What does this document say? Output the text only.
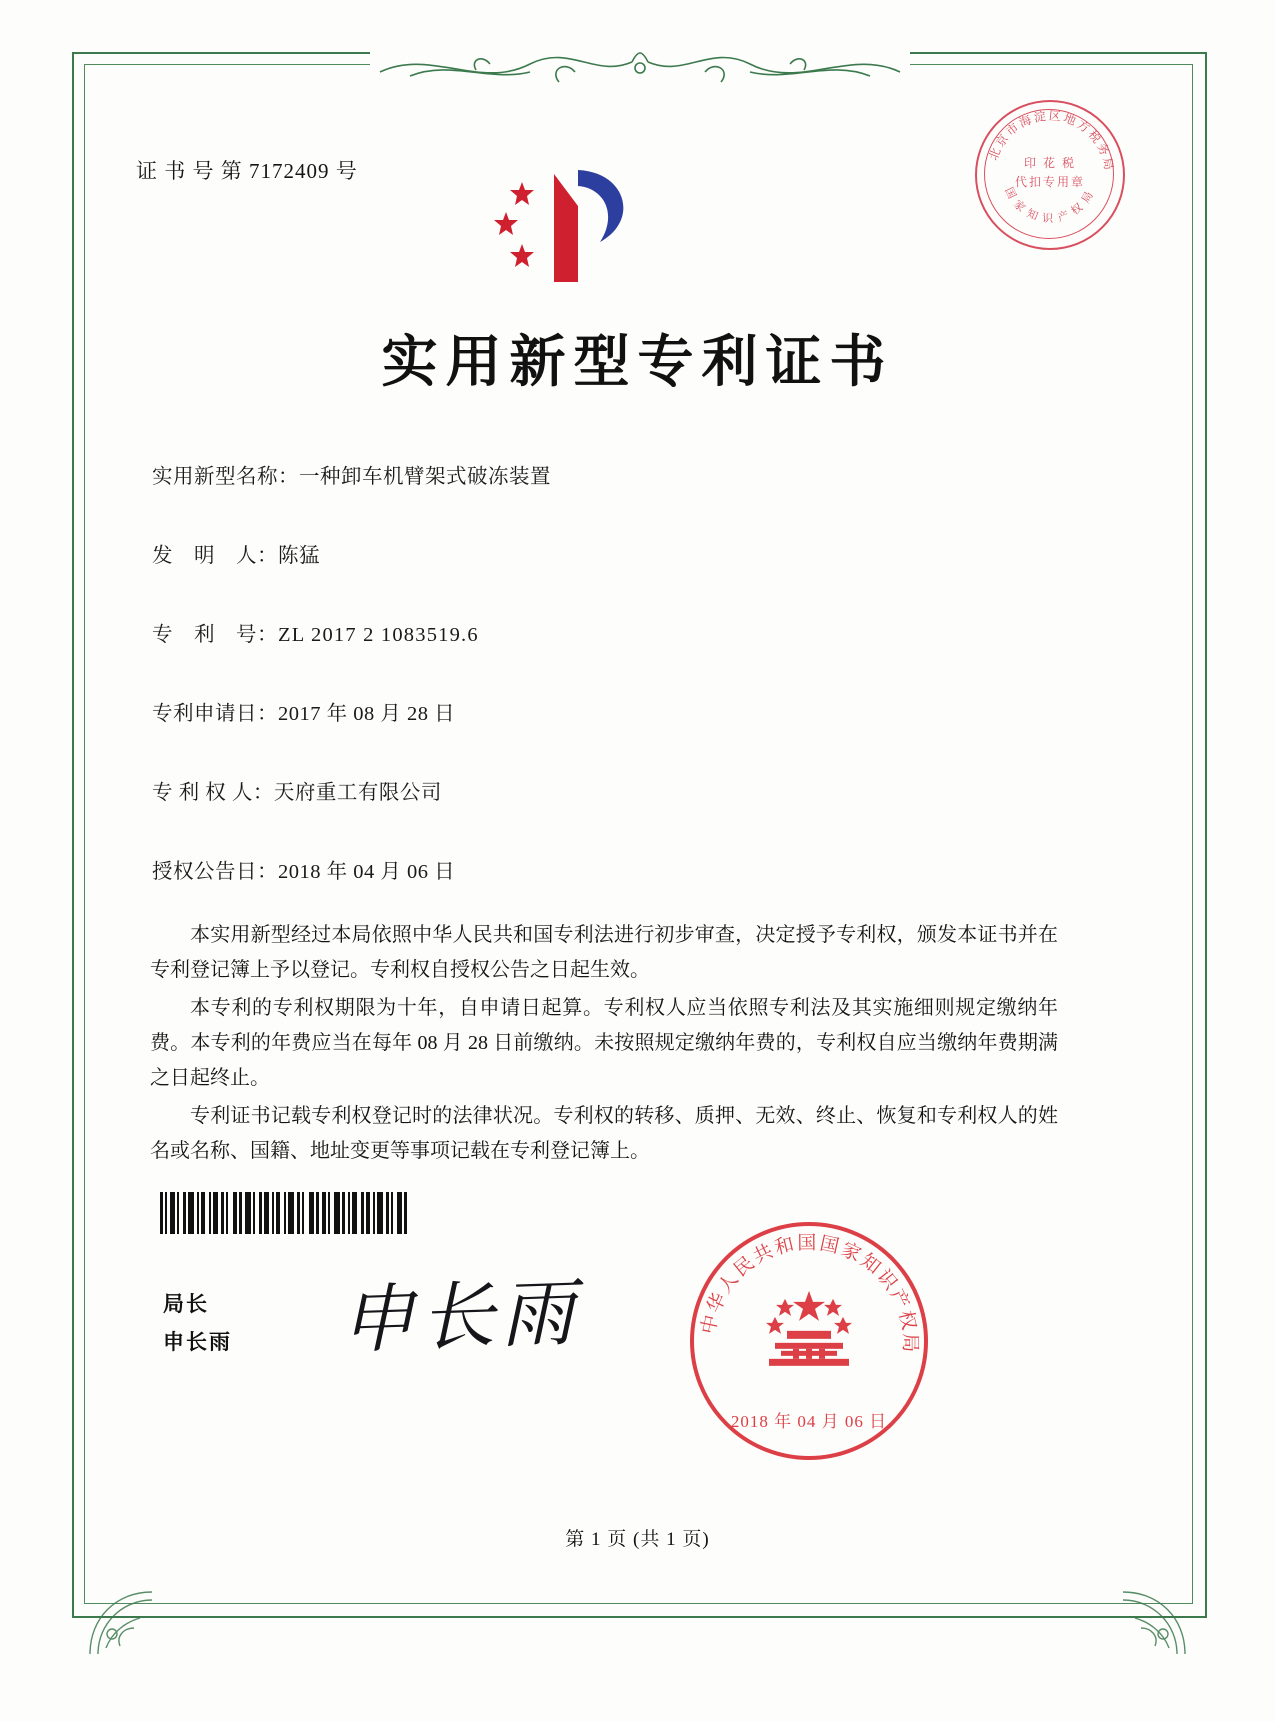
证 书 号 第 7172409 号
北京市海淀区地方税务局
国 家 知 识 产 权 局
印 花 税
代扣专用章
实用新型专利证书
实用新型名称：一种卸车机臂架式破冻装置
发　明　人：陈猛
专　利　号：ZL 2017 2 1083519.6
专利申请日：2017 年 08 月 28 日
专 利 权 人：天府重工有限公司
授权公告日：2018 年 04 月 06 日

本实用新型经过本局依照中华人民共和国专利法进行初步审查，决定授予专利权，颁发本证书并在专利登记簿上予以登记。专利权自授权公告之日起生效。

本专利的专利权期限为十年，自申请日起算。专利权人应当依照专利法及其实施细则规定缴纳年费。本专利的年费应当在每年 08 月 28 日前缴纳。未按照规定缴纳年费的，专利权自应当缴纳年费期满之日起终止。

专利证书记载专利权登记时的法律状况。专利权的转移、质押、无效、终止、恢复和专利权人的姓名或名称、国籍、地址变更等事项记载在专利登记簿上。

局长
申长雨 申长雨	中华人民共和国国家知识产权局
2018 年 04 月 06 日
第 1 页 (共 1 页)
